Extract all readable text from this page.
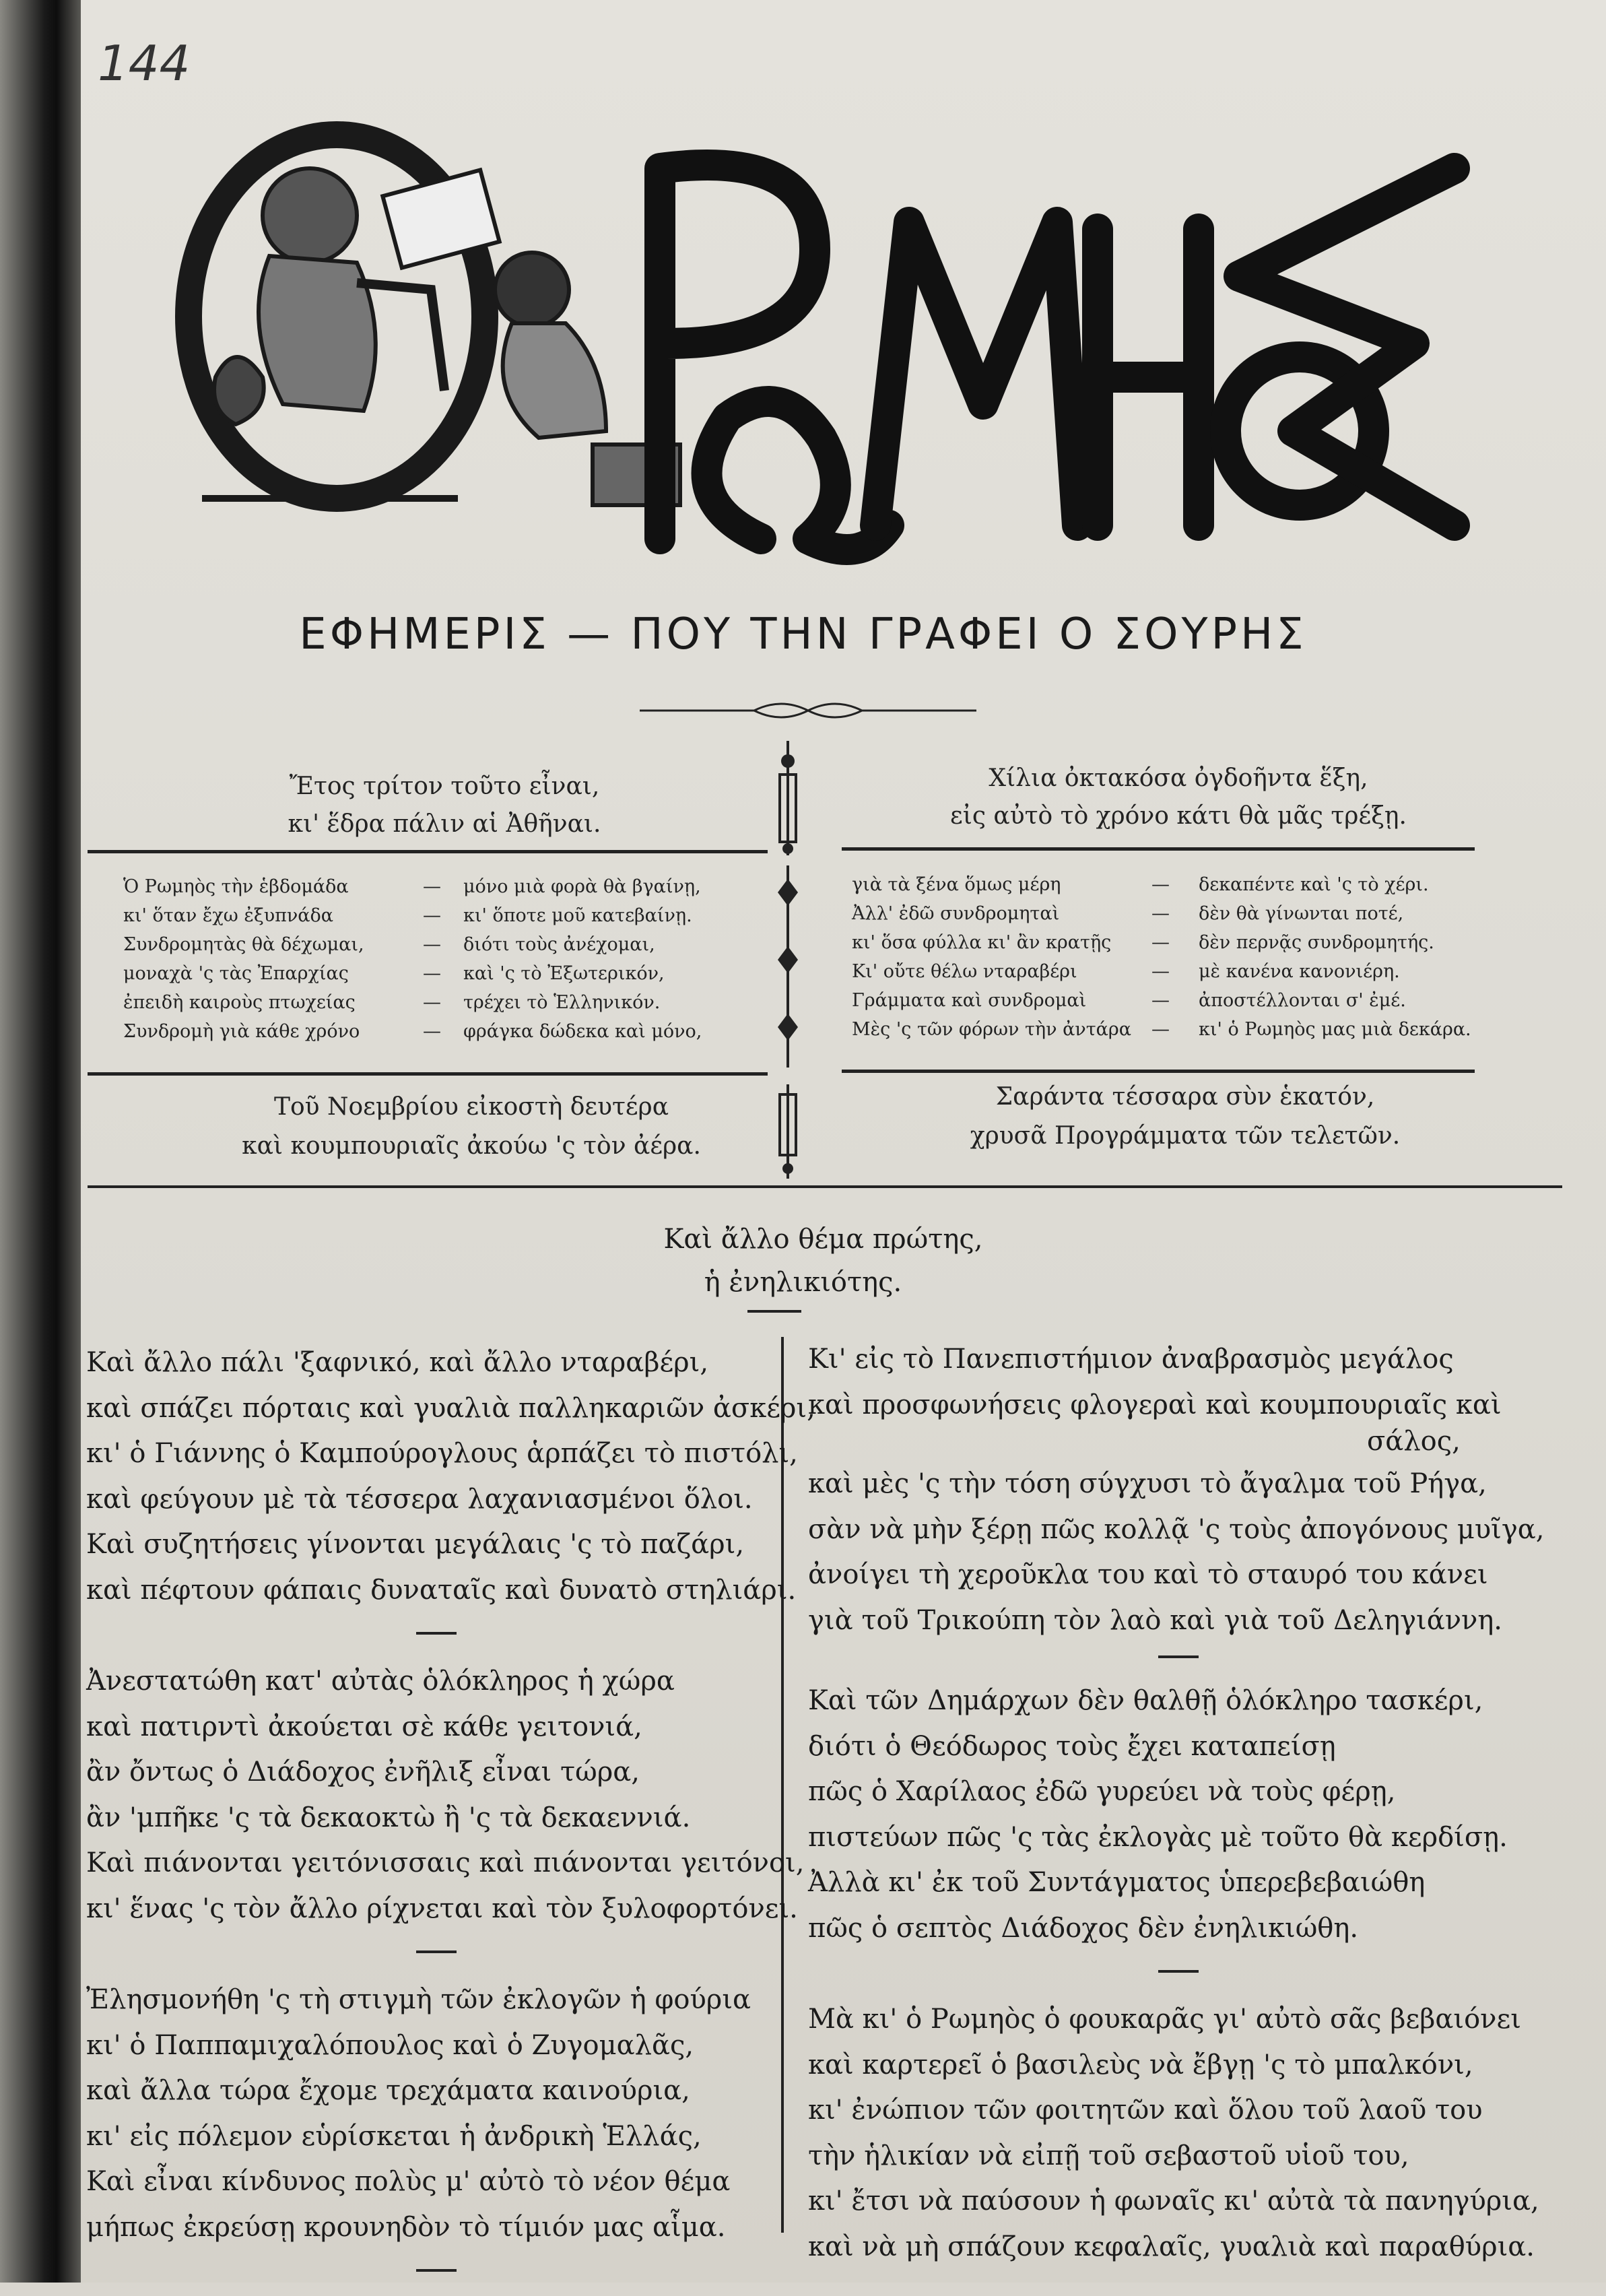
144
ΕΦΗΜΕΡΙΣ — ΠΟΥ ΤΗΝ ΓΡΑΦΕΙ Ο ΣΟΥΡΗΣ
Ἔτος τρίτον τοῦτο εἶναι,
κι' ἕδρα πάλιν αἱ Ἀθῆναι.
Χίλια ὀκτακόσα ὀγδοῆντα ἕξη,
εἰς αὐτὸ τὸ χρόνο κάτι θὰ μᾶς τρέξῃ.
Ὁ Ρωμηὸς τὴν ἑβδομάδα	— μόνο μιὰ φορὰ θὰ βγαίνῃ,
κι' ὅταν ἔχω ἐξυπνάδα	— κι' ὅποτε μοῦ κατεβαίνῃ.
Συνδρομητὰς θὰ δέχωμαι,	— διότι τοὺς ἀνέχομαι,
μοναχὰ 'ς τὰς Ἐπαρχίας	— καὶ 'ς τὸ Ἐξωτερικόν,
ἐπειδὴ καιροὺς πτωχείας	— τρέχει τὸ Ἑλληνικόν.
Συνδρομὴ γιὰ κάθε χρόνο	— φράγκα δώδεκα καὶ μόνο,
γιὰ τὰ ξένα ὅμως μέρη	— δεκαπέντε καὶ 'ς τὸ χέρι.
Ἀλλ' ἐδῶ συνδρομηταὶ	— δὲν θὰ γίνωνται ποτέ,
κι' ὅσα φύλλα κι' ἂν κρατῇς — δὲν περνᾷς συνδρομητής.
Κι' οὔτε θέλω νταραβέρι	— μὲ κανένα κανονιέρη.
Γράμματα καὶ συνδρομαὶ	— ἀποστέλλονται σ' ἐμέ.
Μὲς 'ς τῶν φόρων τὴν ἀντάρα — κι' ὁ Ρωμηὸς μας μιὰ δεκάρα.
Τοῦ Νοεμβρίου εἰκοστὴ δευτέρα
καὶ κουμπουριαῖς ἀκούω 'ς τὸν ἀέρα.
Σαράντα τέσσαρα σὺν ἑκατόν,
χρυσᾶ Προγράμματα τῶν τελετῶν.
Καὶ ἄλλο θέμα πρώτης,
ἡ ἐνηλικιότης.
Καὶ ἄλλο πάλι 'ξαφνικό, καὶ ἄλλο νταραβέρι,
καὶ σπάζει πόρταις καὶ γυαλιὰ παλληκαριῶν ἀσκέρι,
κι' ὁ Γιάννης ὁ Καμπούρογλους ἁρπάζει τὸ πιστόλι,
καὶ φεύγουν μὲ τὰ τέσσερα λαχανιασμένοι ὅλοι.
Καὶ συζητήσεις γίνονται μεγάλαις 'ς τὸ παζάρι,
καὶ πέφτουν φάπαις δυναταῖς καὶ δυνατὸ στηλιάρι.
Ἀνεστατώθη κατ' αὐτὰς ὁλόκληρος ἡ χώρα
καὶ πατιρντὶ ἀκούεται σὲ κάθε γειτονιά,
ἂν ὄντως ὁ Διάδοχος ἐνῆλιξ εἶναι τώρα,
ἂν 'μπῆκε 'ς τὰ δεκαοκτὼ ἢ 'ς τὰ δεκαεννιά.
Καὶ πιάνονται γειτόνισσαις καὶ πιάνονται γειτόνοι,
κι' ἕνας 'ς τὸν ἄλλο ρίχνεται καὶ τὸν ξυλοφορτόνει.
Ἐλησμονήθη 'ς τὴ στιγμὴ τῶν ἐκλογῶν ἡ φούρια
κι' ὁ Παππαμιχαλόπουλος καὶ ὁ Ζυγομαλᾶς,
καὶ ἄλλα τώρα ἔχομε τρεχάματα καινούρια,
κι' εἰς πόλεμον εὑρίσκεται ἡ ἀνδρικὴ Ἑλλάς,
Καὶ εἶναι κίνδυνος πολὺς μ' αὐτὸ τὸ νέον θέμα
μήπως ἐκρεύσῃ κρουνηδὸν τὸ τίμιόν μας αἷμα.
Κι' εἰς τὸ Πανεπιστήμιον ἀναβρασμὸς μεγάλος
καὶ προσφωνήσεις φλογεραὶ καὶ κουμπουριαῖς καὶ
σάλος,
καὶ μὲς 'ς τὴν τόση σύγχυσι τὸ ἄγαλμα τοῦ Ρήγα,
σὰν νὰ μὴν ξέρῃ πῶς κολλᾷ 'ς τοὺς ἀπογόνους μυῖγα,
ἀνοίγει τὴ χεροῦκλα του καὶ τὸ σταυρό του κάνει
γιὰ τοῦ Τρικούπη τὸν λαὸ καὶ γιὰ τοῦ Δεληγιάννη.
Καὶ τῶν Δημάρχων δὲν θαλθῇ ὁλόκληρο τασκέρι,
διότι ὁ Θεόδωρος τοὺς ἔχει καταπείσῃ
πῶς ὁ Χαρίλαος ἐδῶ γυρεύει νὰ τοὺς φέρῃ,
πιστεύων πῶς 'ς τὰς ἐκλογὰς μὲ τοῦτο θὰ κερδίσῃ.
Ἀλλὰ κι' ἐκ τοῦ Συντάγματος ὑπερεβεβαιώθη
πῶς ὁ σεπτὸς Διάδοχος δὲν ἐνηλικιώθη.
Μὰ κι' ὁ Ρωμηὸς ὁ φουκαρᾶς γι' αὐτὸ σᾶς βεβαιόνει
καὶ καρτερεῖ ὁ βασιλεὺς νὰ ἔβγῃ 'ς τὸ μπαλκόνι,
κι' ἐνώπιον τῶν φοιτητῶν καὶ ὅλου τοῦ λαοῦ του
τὴν ἡλικίαν νὰ εἰπῇ τοῦ σεβαστοῦ υἱοῦ του,
κι' ἔτσι νὰ παύσουν ἡ φωναῖς κι' αὐτὰ τὰ πανηγύρια,
καὶ νὰ μὴ σπάζουν κεφαλαῖς, γυαλιὰ καὶ παραθύρια.
